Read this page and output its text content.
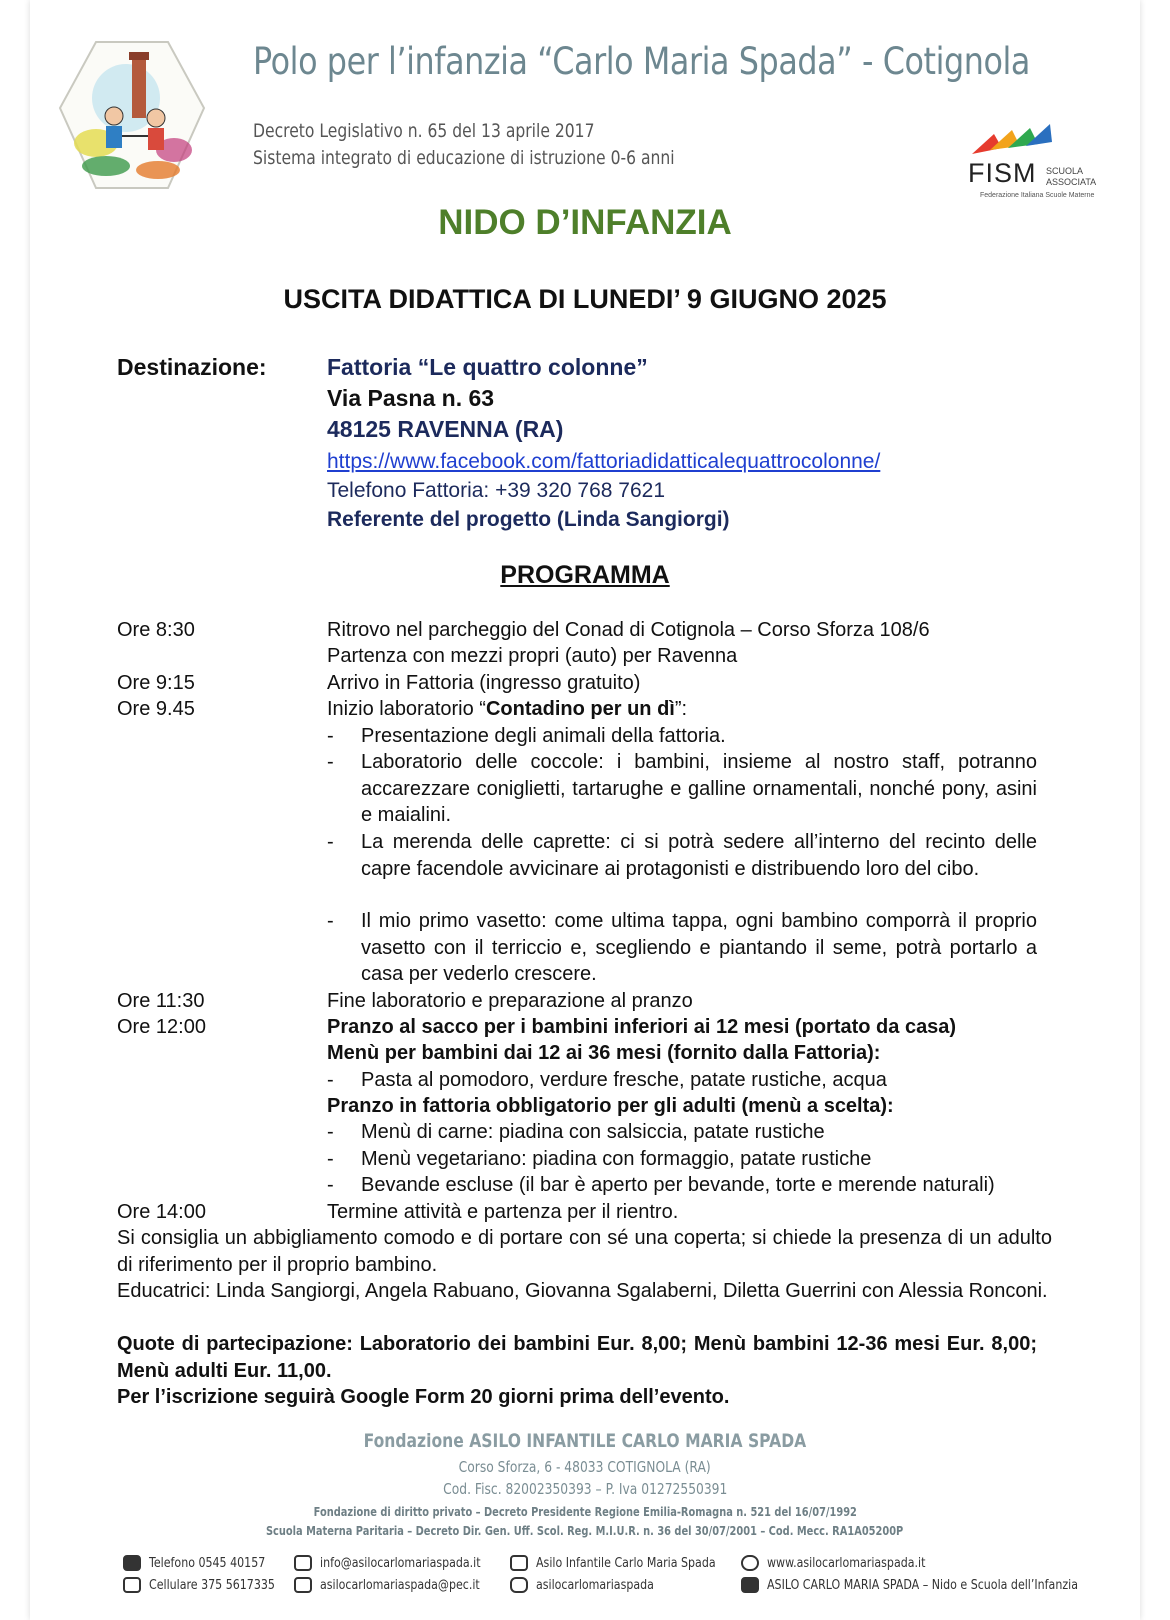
Polo per l’infanzia “Carlo Maria Spada” - Cotignola
Decreto Legislativo n. 65 del 13 aprile 2017
Sistema integrato di educazione di istruzione 0-6 anni	FISM SCUOLA
ASSOCIATA
Federazione Italiana Scuole Materne
NIDO D’INFANZIA
USCITA DIDATTICA DI LUNEDI’ 9 GIUGNO 2025
Destinazione:	Fattoria “Le quattro colonne”
Via Pasna n. 63
48125 RAVENNA (RA)
https://www.facebook.com/fattoriadidatticalequattrocolonne/
Telefono Fattoria: +39 320 768 7621
Referente del progetto (Linda Sangiorgi)
PROGRAMMA
Ore 8:30	Ritrovo nel parcheggio del Conad di Cotignola – Corso Sforza 108/6
Partenza con mezzi propri (auto) per Ravenna
Ore 9:15	Arrivo in Fattoria (ingresso gratuito)
Ore 9.45	Inizio laboratorio “Contadino per un dì”:
- Presentazione degli animali della fattoria.
- Laboratorio delle coccole: i bambini, insieme al nostro staff, potranno accarezzare coniglietti, tartarughe e galline ornamentali, nonché pony, asini e maialini.
- La merenda delle caprette: ci si potrà sedere all’interno del recinto delle capre facendole avvicinare ai protagonisti e distribuendo loro del cibo.
- Il mio primo vasetto: come ultima tappa, ogni bambino comporrà il proprio vasetto con il terriccio e, scegliendo e piantando il seme, potrà portarlo a casa per vederlo crescere.
Ore 11:30	Fine laboratorio e preparazione al pranzo
Ore 12:00	Pranzo al sacco per i bambini inferiori ai 12 mesi (portato da casa)
Menù per bambini dai 12 ai 36 mesi (fornito dalla Fattoria):
- Pasta al pomodoro, verdure fresche, patate rustiche, acqua
Pranzo in fattoria obbligatorio per gli adulti (menù a scelta):
- Menù di carne: piadina con salsiccia, patate rustiche
- Menù vegetariano: piadina con formaggio, patate rustiche
- Bevande escluse (il bar è aperto per bevande, torte e merende naturali)
Ore 14:00	Termine attività e partenza per il rientro.
Si consiglia un abbigliamento comodo e di portare con sé una coperta; si chiede la presenza di un adulto di riferimento per il proprio bambino.
Educatrici: Linda Sangiorgi, Angela Rabuano, Giovanna Sgalaberni, Diletta Guerrini con Alessia Ronconi.
Quote di partecipazione: Laboratorio dei bambini Eur. 8,00; Menù bambini 12-36 mesi Eur. 8,00; Menù adulti Eur. 11,00.
Per l’iscrizione seguirà Google Form 20 giorni prima dell’evento.
Fondazione ASILO INFANTILE CARLO MARIA SPADA
Corso Sforza, 6 - 48033 COTIGNOLA (RA)
Cod. Fisc. 82002350393 – P. Iva 01272550391
Fondazione di diritto privato – Decreto Presidente Regione Emilia-Romagna n. 521 del 16/07/1992
Scuola Materna Paritaria – Decreto Dir. Gen. Uff. Scol. Reg. M.I.U.R. n. 36 del 30/07/2001 – Cod. Mecc. RA1A05200P
Telefono 0545 40157
Cellulare 375 5617335
info@asilocarlomariaspada.it
asilocarlomariaspada@pec.it
Asilo Infantile Carlo Maria Spada
asilocarlomariaspada
www.asilocarlomariaspada.it
ASILO CARLO MARIA SPADA – Nido e Scuola dell’Infanzia
